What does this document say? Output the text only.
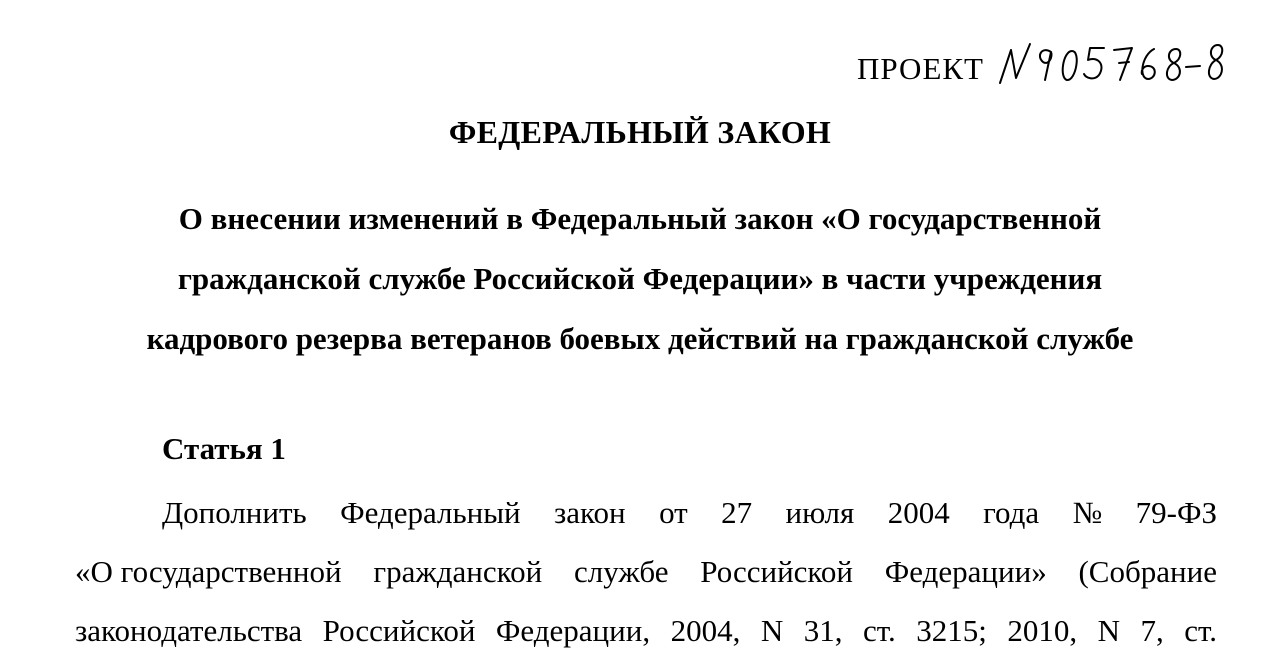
ПРОЕКТ
ФЕДЕРАЛЬНЫЙ ЗАКОН
О внесении изменений в Федеральный закон «О государственной
гражданской службе Российской Федерации» в части учреждения
кадрового резерва ветеранов боевых действий на гражданской службе
Статья 1
Дополнить Федеральный закон от 27 июля 2004 года № 79-ФЗ
«О государственной гражданской службе Российской Федерации» (Собрание
законодательства Российской Федерации, 2004, N 31, ст. 3215; 2010, N 7, ст.
